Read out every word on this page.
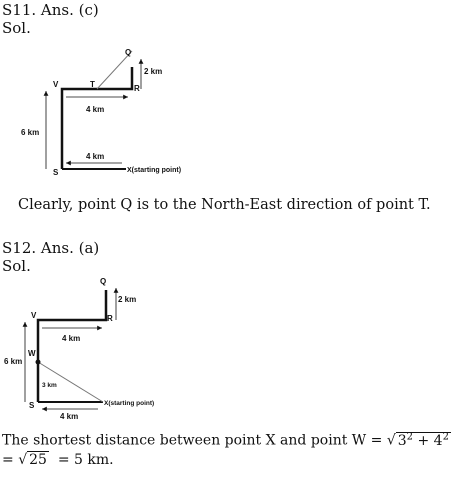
S11. Ans. (c)
Sol.
Q
T
V	R
S
2 km
4 km
6 km
4 km
X(starting point)
Clearly, point Q is to the North-East direction of point T.
S12. Ans. (a)
Sol.
Q
V	R
W
S
2 km
4 km
6 km
3 km
4 km
X(starting point)
The shortest distance between point X and point W = √ $3^2 + 4^2$
= √ 25  = 5 km.
